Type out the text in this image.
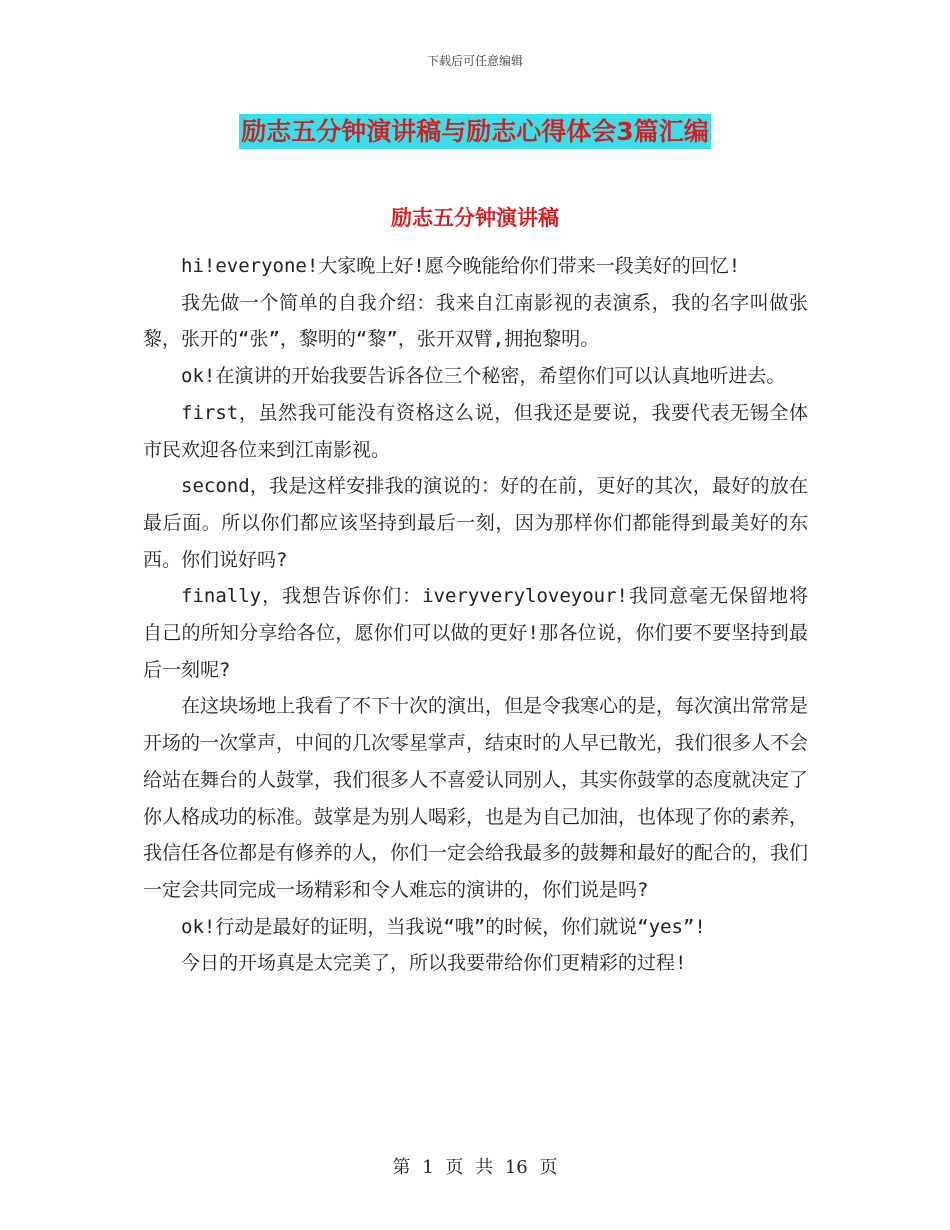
下载后可任意编辑
励志五分钟演讲稿与励志心得体会3篇汇编
励志五分钟演讲稿

hi!everyone!大家晚上好!愿今晚能给你们带来一段美好的回忆!

我先做一个简单的自我介绍：我来自江南影视的表演系，我的名字叫做张黎，张开的“张”，黎明的“黎”，张开双臂,拥抱黎明。

ok!在演讲的开始我要告诉各位三个秘密，希望你们可以认真地听进去。

first，虽然我可能没有资格这么说，但我还是要说，我要代表无锡全体市民欢迎各位来到江南影视。

second，我是这样安排我的演说的：好的在前，更好的其次，最好的放在最后面。所以你们都应该坚持到最后一刻，因为那样你们都能得到最美好的东西。你们说好吗?

finally，我想告诉你们：iveryveryloveyour!我同意毫无保留地将自己的所知分享给各位，愿你们可以做的更好!那各位说，你们要不要坚持到最后一刻呢?

在这块场地上我看了不下十次的演出，但是令我寒心的是，每次演出常常是开场的一次掌声，中间的几次零星掌声，结束时的人早已散光，我们很多人不会给站在舞台的人鼓掌，我们很多人不喜爱认同别人，其实你鼓掌的态度就决定了你人格成功的标准。鼓掌是为别人喝彩，也是为自己加油，也体现了你的素养，我信任各位都是有修养的人，你们一定会给我最多的鼓舞和最好的配合的，我们一定会共同完成一场精彩和令人难忘的演讲的，你们说是吗?

ok!行动是最好的证明，当我说“哦”的时候，你们就说“yes”!

今日的开场真是太完美了，所以我要带给你们更精彩的过程!

第 1 页 共 16 页
